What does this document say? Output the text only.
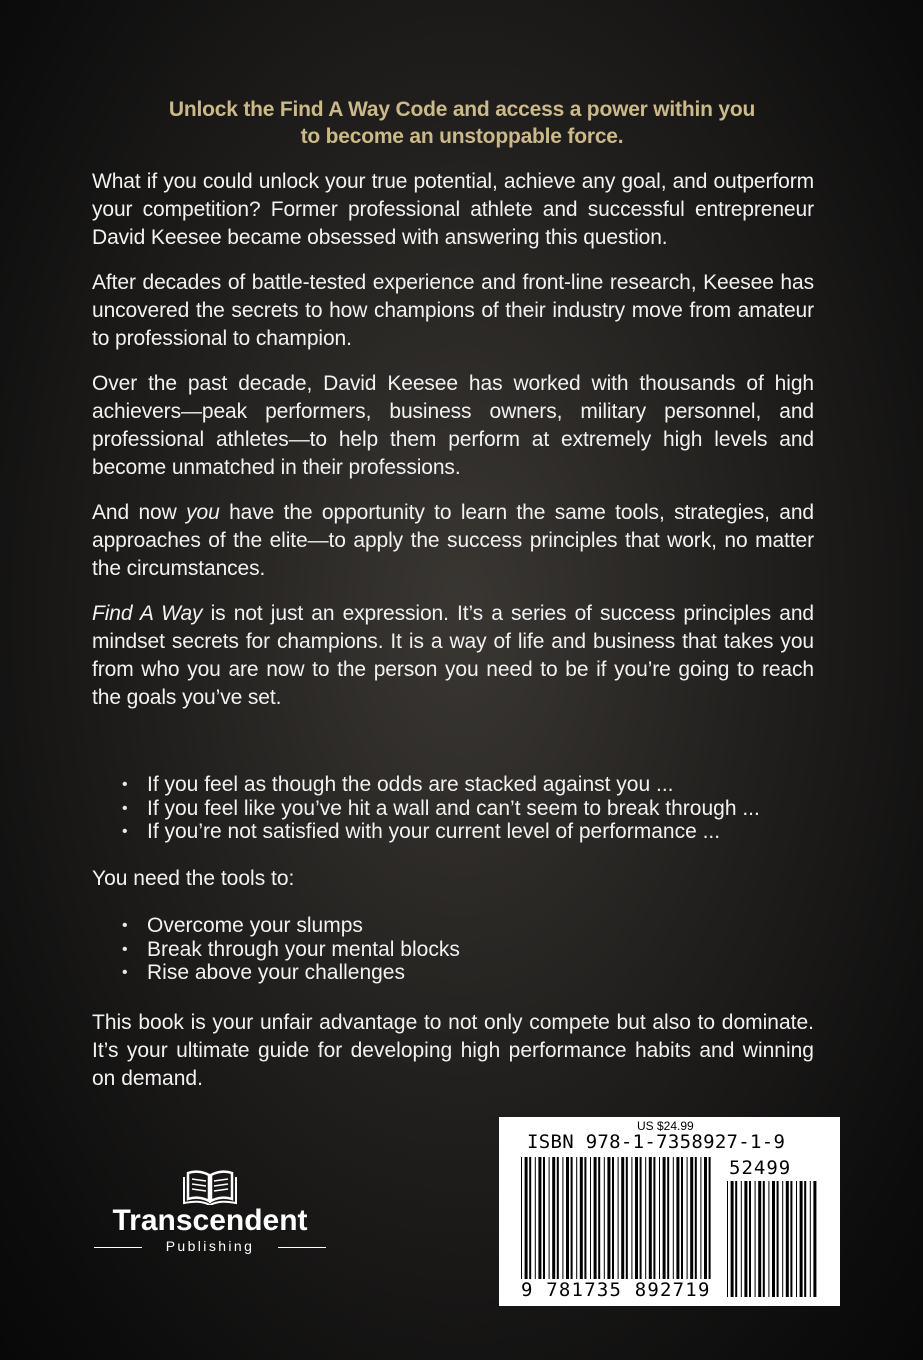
Unlock the Find A Way Code and access a power within you
to become an unstoppable force.

What if you could unlock your true potential, achieve any goal, and outperform your competition? Former professional athlete and successful entrepreneur David Keesee became obsessed with answering this question.

After decades of battle-tested experience and front-line research, Keesee has uncovered the secrets to how champions of their industry move from amateur to professional to champion.

Over the past decade, David Keesee has worked with thousands of high achievers—peak performers, business owners, military personnel, and professional athletes—to help them perform at extremely high levels and become unmatched in their professions.

And now you have the opportunity to learn the same tools, strategies, and approaches of the elite—to apply the success principles that work, no matter the circumstances.

Find A Way is not just an expression. It’s a series of success principles and mindset secrets for champions. It is a way of life and business that takes you from who you are now to the person you need to be if you’re going to reach the goals you’ve set.

• If you feel as though the odds are stacked against you ...
• If you feel like you’ve hit a wall and can’t seem to break through ...
• If you’re not satisfied with your current level of performance ...
You need the tools to:
• Overcome your slumps
• Break through your mental blocks
• Rise above your challenges

This book is your unfair advantage to not only compete but also to dominate. It’s your ultimate guide for developing high performance habits and winning on demand.

Transcendent
Publishing
US $24.99
ISBN 978-1-7358927-1-9
52499
9 781735 892719
